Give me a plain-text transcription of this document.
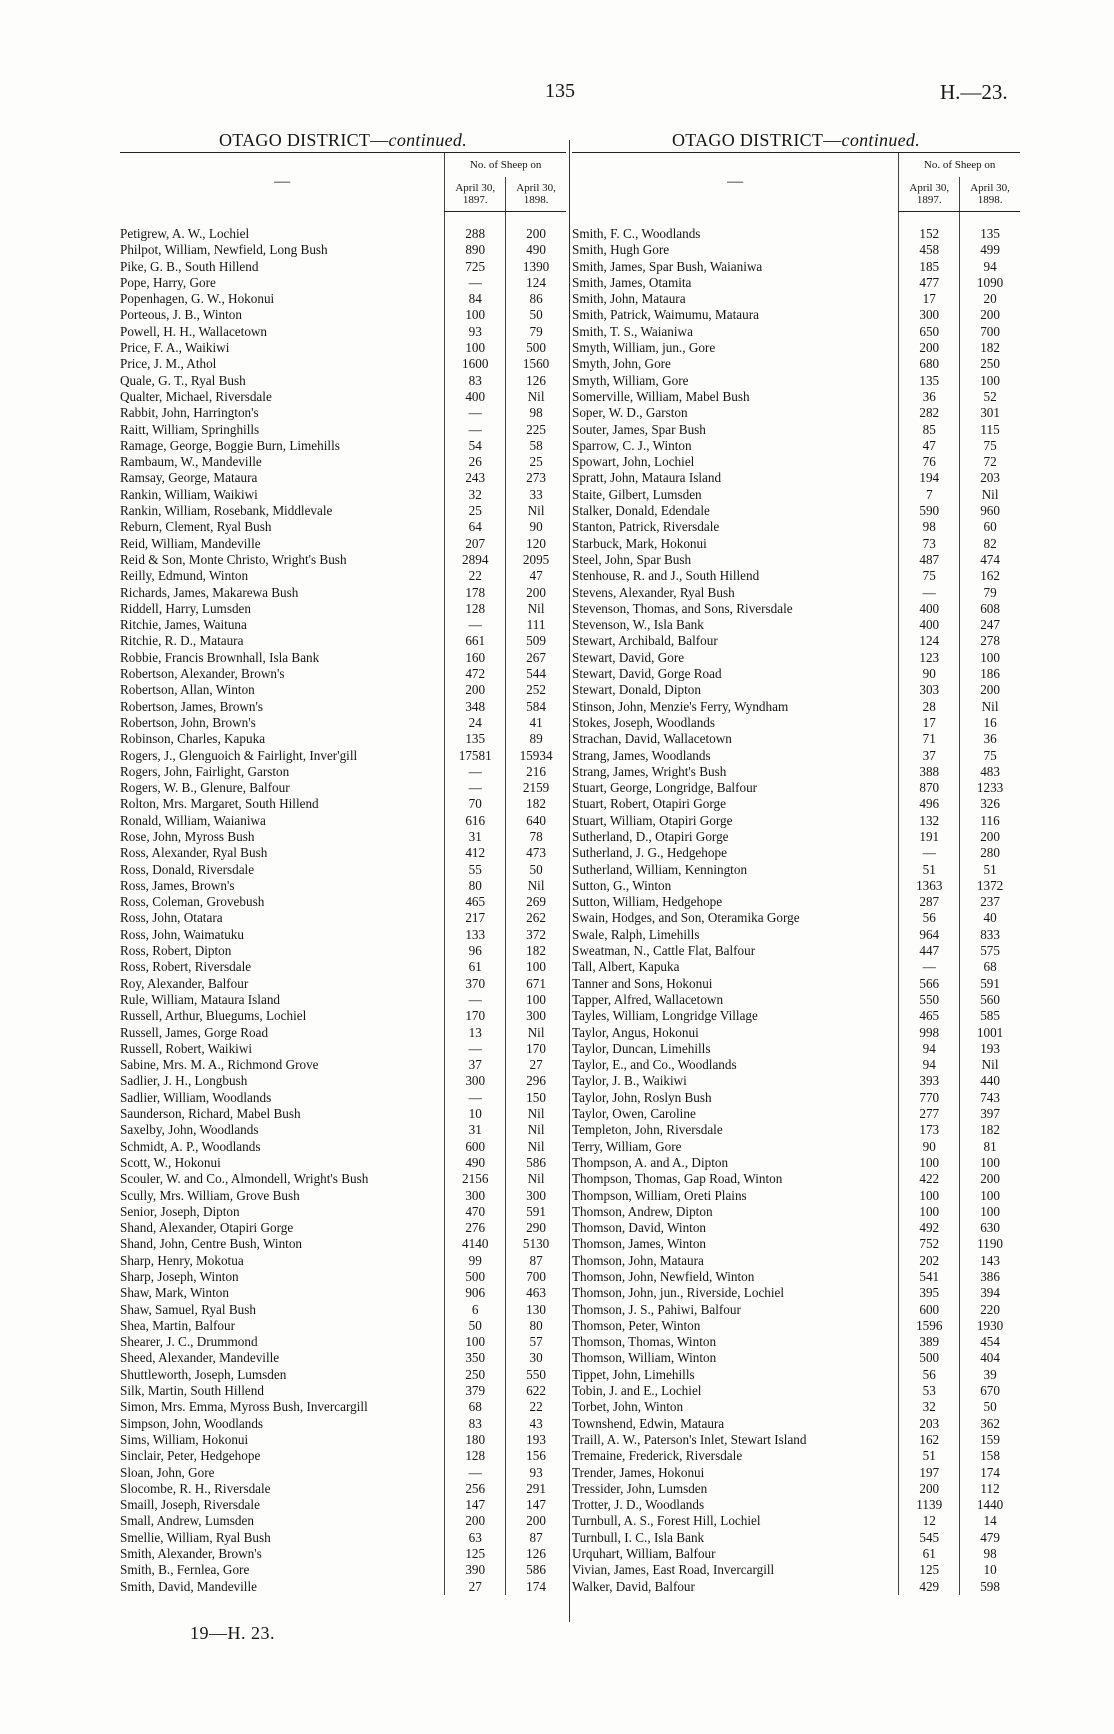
135	H.—23.
OTAGO DISTRICT—continued.
—	No. of Sheep on	
	April 30, 1897.	April 30, 1898.

Petigrew, A. W., Lochiel	288	200
Philpot, William, Newfield, Long Bush	890	490
Pike, G. B., South Hillend	725	1390
Pope, Harry, Gore	—	124
Popenhagen, G. W., Hokonui	84	86
Porteous, J. B., Winton	100	50
Powell, H. H., Wallacetown	93	79
Price, F. A., Waikiwi	100	500
Price, J. M., Athol	1600	1560
Quale, G. T., Ryal Bush	83	126
Qualter, Michael, Riversdale	400	Nil
Rabbit, John, Harrington's	—	98
Raitt, William, Springhills	—	225
Ramage, George, Boggie Burn, Limehills	54	58
Rambaum, W., Mandeville	26	25
Ramsay, George, Mataura	243	273
Rankin, William, Waikiwi	32	33
Rankin, William, Rosebank, Middlevale	25	Nil
Reburn, Clement, Ryal Bush	64	90
Reid, William, Mandeville	207	120
Reid & Son, Monte Christo, Wright's Bush	2894	2095
Reilly, Edmund, Winton	22	47
Richards, James, Makarewa Bush	178	200
Riddell, Harry, Lumsden	128	Nil
Ritchie, James, Waituna	—	111
Ritchie, R. D., Mataura	661	509
Robbie, Francis Brownhall, Isla Bank	160	267
Robertson, Alexander, Brown's	472	544
Robertson, Allan, Winton	200	252
Robertson, James, Brown's	348	584
Robertson, John, Brown's	24	41
Robinson, Charles, Kapuka	135	89
Rogers, J., Glenguoich & Fairlight, Inver'gill	17581	15934
Rogers, John, Fairlight, Garston	—	216
Rogers, W. B., Glenure, Balfour	—	2159
Rolton, Mrs. Margaret, South Hillend	70	182
Ronald, William, Waianiwa	616	640
Rose, John, Myross Bush	31	78
Ross, Alexander, Ryal Bush	412	473
Ross, Donald, Riversdale	55	50
Ross, James, Brown's	80	Nil
Ross, Coleman, Grovebush	465	269
Ross, John, Otatara	217	262
Ross, John, Waimatuku	133	372
Ross, Robert, Dipton	96	182
Ross, Robert, Riversdale	61	100
Roy, Alexander, Balfour	370	671
Rule, William, Mataura Island	—	100
Russell, Arthur, Bluegums, Lochiel	170	300
Russell, James, Gorge Road	13	Nil
Russell, Robert, Waikiwi	—	170
Sabine, Mrs. M. A., Richmond Grove	37	27
Sadlier, J. H., Longbush	300	296
Sadlier, William, Woodlands	—	150
Saunderson, Richard, Mabel Bush	10	Nil
Saxelby, John, Woodlands	31	Nil
Schmidt, A. P., Woodlands	600	Nil
Scott, W., Hokonui	490	586
Scouler, W. and Co., Almondell, Wright's Bush	2156	Nil
Scully, Mrs. William, Grove Bush	300	300
Senior, Joseph, Dipton	470	591
Shand, Alexander, Otapiri Gorge	276	290
Shand, John, Centre Bush, Winton	4140	5130
Sharp, Henry, Mokotua	99	87
Sharp, Joseph, Winton	500	700
Shaw, Mark, Winton	906	463
Shaw, Samuel, Ryal Bush	6	130
Shea, Martin, Balfour	50	80
Shearer, J. C., Drummond	100	57
Sheed, Alexander, Mandeville	350	30
Shuttleworth, Joseph, Lumsden	250	550
Silk, Martin, South Hillend	379	622
Simon, Mrs. Emma, Myross Bush, Invercargill	68	22
Simpson, John, Woodlands	83	43
Sims, William, Hokonui	180	193
Sinclair, Peter, Hedgehope	128	156
Sloan, John, Gore	—	93
Slocombe, R. H., Riversdale	256	291
Smaill, Joseph, Riversdale	147	147
Small, Andrew, Lumsden	200	200
Smellie, William, Ryal Bush	63	87
Smith, Alexander, Brown's	125	126
Smith, B., Fernlea, Gore	390	586
Smith, David, Mandeville	27	174
OTAGO DISTRICT—continued.
—	No. of Sheep on	
	April 30, 1897.	April 30, 1898.

Smith, F. C., Woodlands	152	135
Smith, Hugh Gore	458	499
Smith, James, Spar Bush, Waianiwa	185	94
Smith, James, Otamita	477	1090
Smith, John, Mataura	17	20
Smith, Patrick, Waimumu, Mataura	300	200
Smith, T. S., Waianiwa	650	700
Smyth, William, jun., Gore	200	182
Smyth, John, Gore	680	250
Smyth, William, Gore	135	100
Somerville, William, Mabel Bush	36	52
Soper, W. D., Garston	282	301
Souter, James, Spar Bush	85	115
Sparrow, C. J., Winton	47	75
Spowart, John, Lochiel	76	72
Spratt, John, Mataura Island	194	203
Staite, Gilbert, Lumsden	7	Nil
Stalker, Donald, Edendale	590	960
Stanton, Patrick, Riversdale	98	60
Starbuck, Mark, Hokonui	73	82
Steel, John, Spar Bush	487	474
Stenhouse, R. and J., South Hillend	75	162
Stevens, Alexander, Ryal Bush	—	79
Stevenson, Thomas, and Sons, Riversdale	400	608
Stevenson, W., Isla Bank	400	247
Stewart, Archibald, Balfour	124	278
Stewart, David, Gore	123	100
Stewart, David, Gorge Road	90	186
Stewart, Donald, Dipton	303	200
Stinson, John, Menzie's Ferry, Wyndham	28	Nil
Stokes, Joseph, Woodlands	17	16
Strachan, David, Wallacetown	71	36
Strang, James, Woodlands	37	75
Strang, James, Wright's Bush	388	483
Stuart, George, Longridge, Balfour	870	1233
Stuart, Robert, Otapiri Gorge	496	326
Stuart, William, Otapiri Gorge	132	116
Sutherland, D., Otapiri Gorge	191	200
Sutherland, J. G., Hedgehope	—	280
Sutherland, William, Kennington	51	51
Sutton, G., Winton	1363	1372
Sutton, William, Hedgehope	287	237
Swain, Hodges, and Son, Oteramika Gorge	56	40
Swale, Ralph, Limehills	964	833
Sweatman, N., Cattle Flat, Balfour	447	575
Tall, Albert, Kapuka	—	68
Tanner and Sons, Hokonui	566	591
Tapper, Alfred, Wallacetown	550	560
Tayles, William, Longridge Village	465	585
Taylor, Angus, Hokonui	998	1001
Taylor, Duncan, Limehills	94	193
Taylor, E., and Co., Woodlands	94	Nil
Taylor, J. B., Waikiwi	393	440
Taylor, John, Roslyn Bush	770	743
Taylor, Owen, Caroline	277	397
Templeton, John, Riversdale	173	182
Terry, William, Gore	90	81
Thompson, A. and A., Dipton	100	100
Thompson, Thomas, Gap Road, Winton	422	200
Thompson, William, Oreti Plains	100	100
Thomson, Andrew, Dipton	100	100
Thomson, David, Winton	492	630
Thomson, James, Winton	752	1190
Thomson, John, Mataura	202	143
Thomson, John, Newfield, Winton	541	386
Thomson, John, jun., Riverside, Lochiel	395	394
Thomson, J. S., Pahiwi, Balfour	600	220
Thomson, Peter, Winton	1596	1930
Thomson, Thomas, Winton	389	454
Thomson, William, Winton	500	404
Tippet, John, Limehills	56	39
Tobin, J. and E., Lochiel	53	670
Torbet, John, Winton	32	50
Townshend, Edwin, Mataura	203	362
Traill, A. W., Paterson's Inlet, Stewart Island	162	159
Tremaine, Frederick, Riversdale	51	158
Trender, James, Hokonui	197	174
Tressider, John, Lumsden	200	112
Trotter, J. D., Woodlands	1139	1440
Turnbull, A. S., Forest Hill, Lochiel	12	14
Turnbull, I. C., Isla Bank	545	479
Urquhart, William, Balfour	61	98
Vivian, James, East Road, Invercargill	125	10
Walker, David, Balfour	429	598
19—H. 23.
